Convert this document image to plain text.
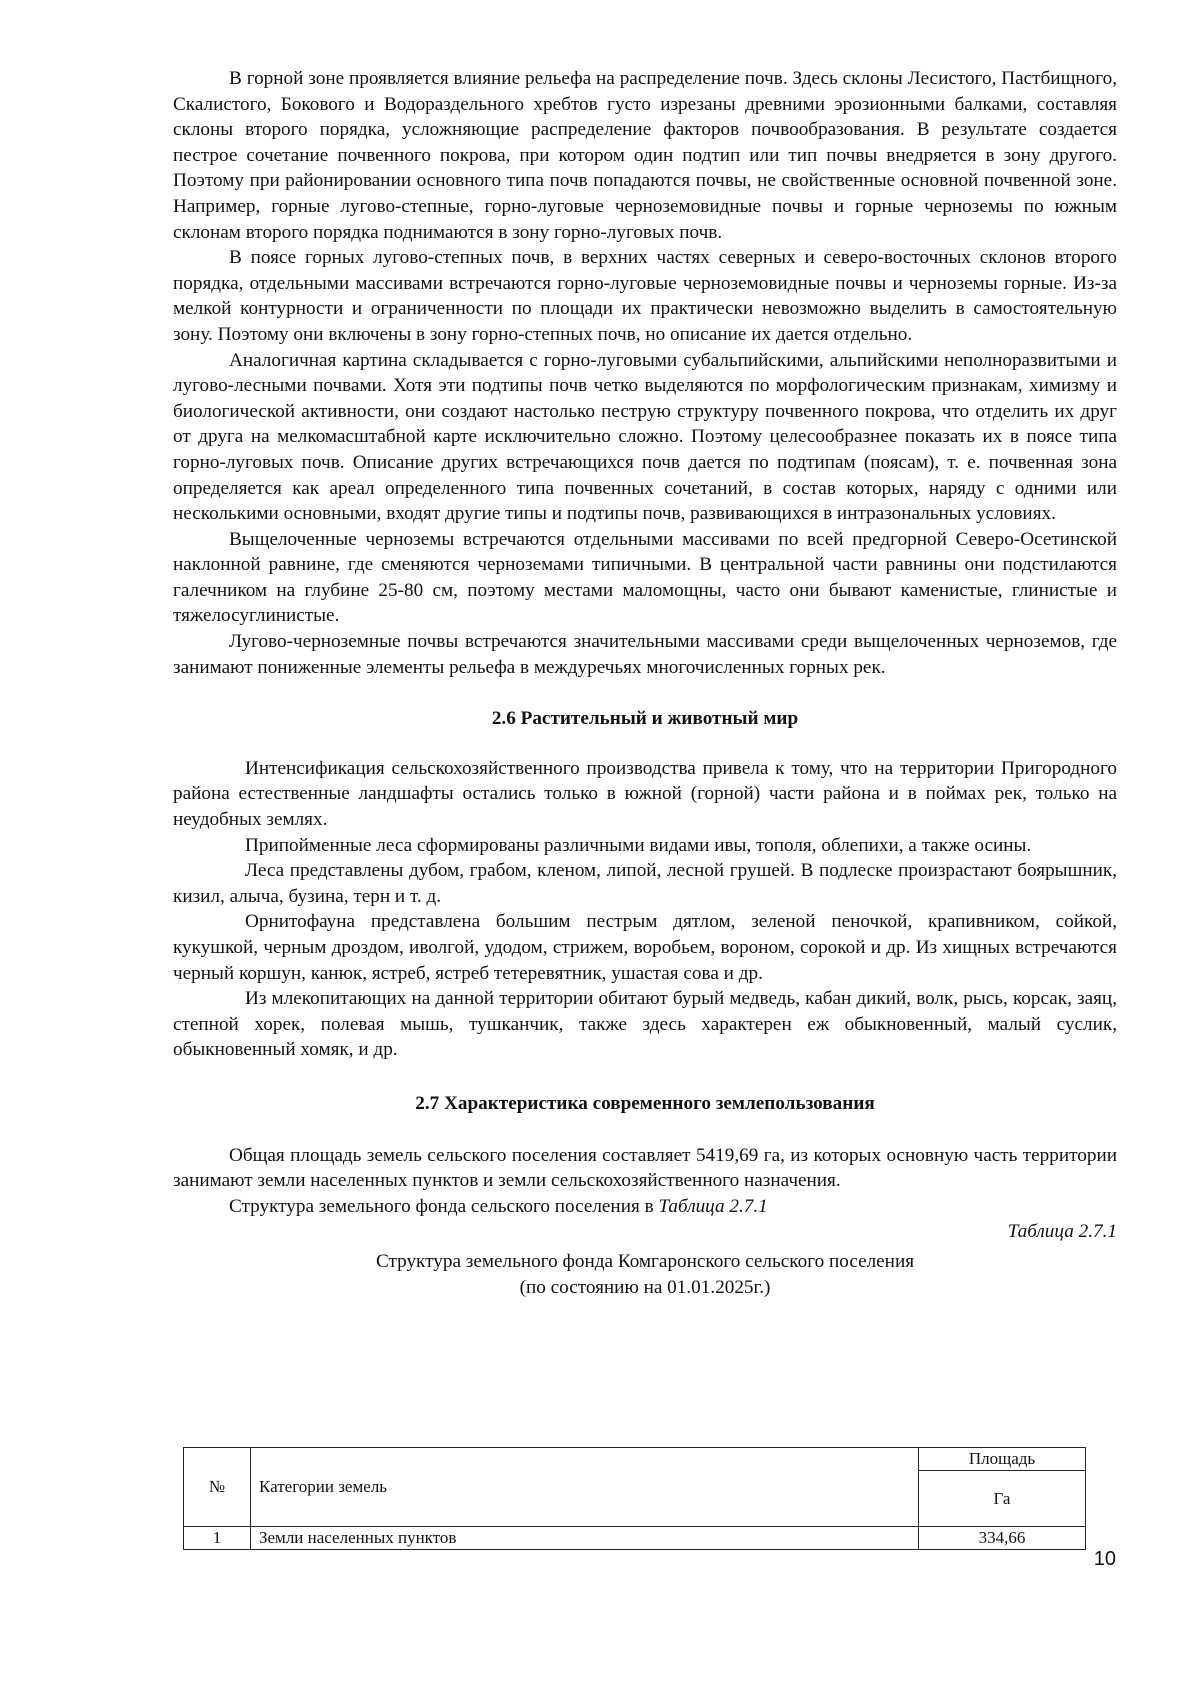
В горной зоне проявляется влияние рельефа на распределение почв. Здесь склоны Лесистого, Пастбищного, Скалистого, Бокового и Водораздельного хребтов густо изрезаны древними эрозионными балками, составляя склоны второго порядка, усложняющие распределение факторов почвообразования. В результате создается пестрое сочетание почвенного покрова, при котором один подтип или тип почвы внедряется в зону другого. Поэтому при районировании основного типа почв попадаются почвы, не свойственные основной почвенной зоне. Например, горные лугово-степные, горно-луговые черноземовидные почвы и горные черноземы по южным склонам второго порядка поднимаются в зону горно-луговых почв.

В поясе горных лугово-степных почв, в верхних частях северных и северо-восточных склонов второго порядка, отдельными массивами встречаются горно-луговые черноземовидные почвы и черноземы горные. Из-за мелкой контурности и ограниченности по площади их практически невозможно выделить в самостоятельную зону. Поэтому они включены в зону горно-степных почв, но описание их дается отдельно.

Аналогичная картина складывается с горно-луговыми субальпийскими, альпийскими неполноразвитыми и лугово-лесными почвами. Хотя эти подтипы почв четко выделяются по морфологическим признакам, химизму и биологической активности, они создают настолько пеструю структуру почвенного покрова, что отделить их друг от друга на мелкомасштабной карте исключительно сложно. Поэтому целесообразнее показать их в поясе типа горно-луговых почв. Описание других встречающихся почв дается по подтипам (поясам), т. е. почвенная зона определяется как ареал определенного типа почвенных сочетаний, в состав которых, наряду с одними или несколькими основными, входят другие типы и подтипы почв, развивающихся в интразональных условиях.

Выщелоченные черноземы встречаются отдельными массивами по всей предгорной Северо-Осетинской наклонной равнине, где сменяются черноземами типичными. В центральной части равнины они подстилаются галечником на глубине 25-80 см, поэтому местами маломощны, часто они бывают каменистые, глинистые и тяжелосуглинистые.

Лугово-черноземные почвы встречаются значительными массивами среди выщелоченных черноземов, где занимают пониженные элементы рельефа в междуречьях многочисленных горных рек.

2.6 Растительный и животный мир

Интенсификация сельскохозяйственного производства привела к тому, что на территории Пригородного района естественные ландшафты остались только в южной (горной) части района и в поймах рек, только на неудобных землях.

Припойменные леса сформированы различными видами ивы, тополя, облепихи, а также осины.

Леса представлены дубом, грабом, кленом, липой, лесной грушей. В подлеске произрастают боярышник, кизил, алыча, бузина, терн и т. д.

Орнитофауна представлена большим пестрым дятлом, зеленой пеночкой, крапивником, сойкой, кукушкой, черным дроздом, иволгой, удодом, стрижем, воробьем, вороном, сорокой и др. Из хищных встречаются черный коршун, канюк, ястреб, ястреб тетеревятник, ушастая сова и др.

Из млекопитающих на данной территории обитают бурый медведь, кабан дикий, волк, рысь, корсак, заяц, степной хорек, полевая мышь, тушканчик, также здесь характерен еж обыкновенный, малый суслик, обыкновенный хомяк, и др.

2.7 Характеристика современного землепользования

Общая площадь земель сельского поселения составляет 5419,69 га, из которых основную часть территории занимают земли населенных пунктов и земли сельскохозяйственного назначения.

Структура земельного фонда сельского поселения в Таблица 2.7.1

Таблица 2.7.1

Структура земельного фонда Комгаронского сельского поселения

(по состоянию на 01.01.2025г.)

№	Категории земель	Площадь
		Га
1	Земли населенных пунктов	334,66
10
